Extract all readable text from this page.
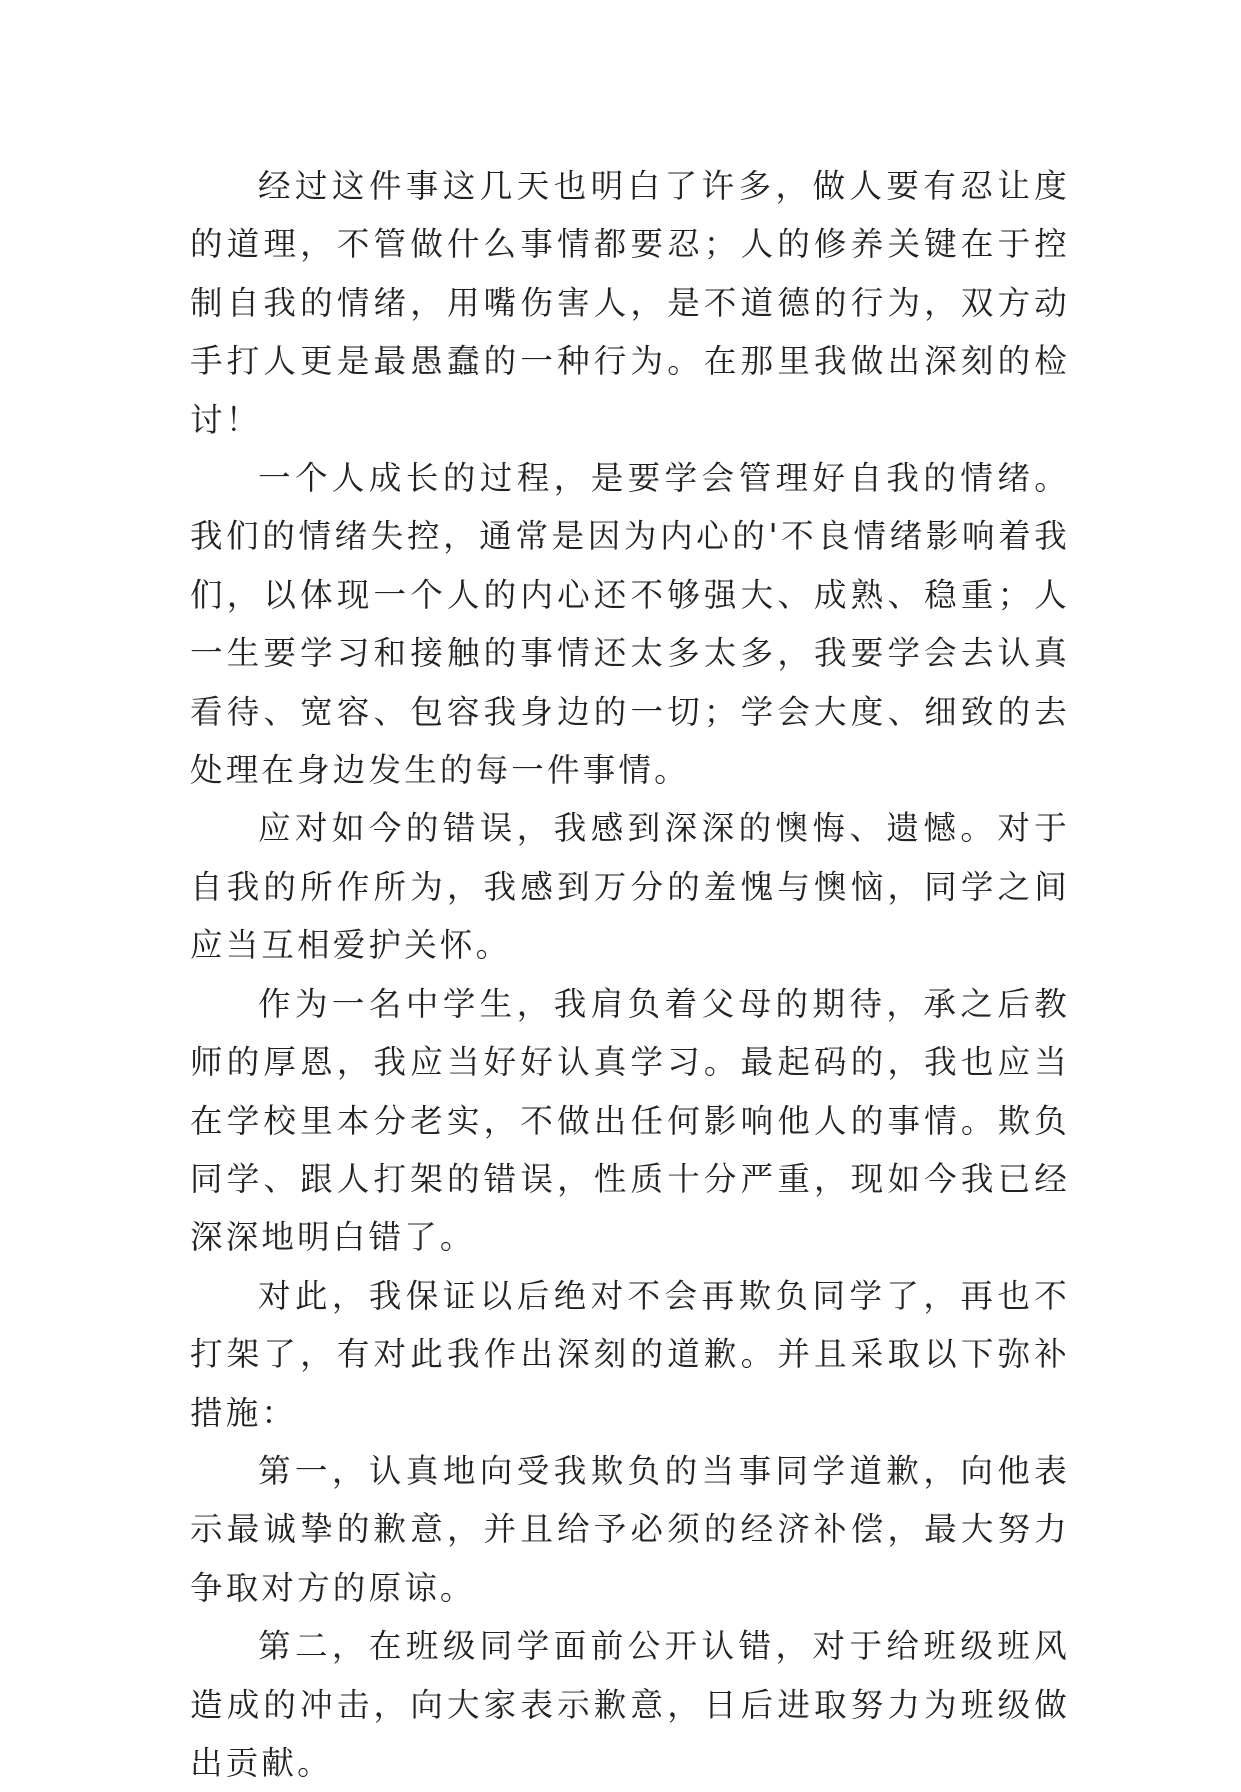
经过这件事这几天也明白了许多，做人要有忍让度的道理，不管做什么事情都要忍；人的修养关键在于控制自我的情绪，用嘴伤害人，是不道德的行为，双方动手打人更是最愚蠢的一种行为。在那里我做出深刻的检讨！

一个人成长的过程，是要学会管理好自我的情绪。我们的情绪失控，通常是因为内心的'不良情绪影响着我们，以体现一个人的内心还不够强大、成熟、稳重；人一生要学习和接触的事情还太多太多，我要学会去认真看待、宽容、包容我身边的一切；学会大度、细致的去处理在身边发生的每一件事情。

应对如今的错误，我感到深深的懊悔、遗憾。对于自我的所作所为，我感到万分的羞愧与懊恼，同学之间应当互相爱护关怀。

作为一名中学生，我肩负着父母的期待，承之后教师的厚恩，我应当好好认真学习。最起码的，我也应当在学校里本分老实，不做出任何影响他人的事情。欺负同学、跟人打架的错误，性质十分严重，现如今我已经深深地明白错了。

对此，我保证以后绝对不会再欺负同学了，再也不打架了，有对此我作出深刻的道歉。并且采取以下弥补措施：

第一，认真地向受我欺负的当事同学道歉，向他表示最诚挚的歉意，并且给予必须的经济补偿，最大努力争取对方的原谅。

第二，在班级同学面前公开认错，对于给班级班风造成的冲击，向大家表示歉意，日后进取努力为班级做出贡献。
